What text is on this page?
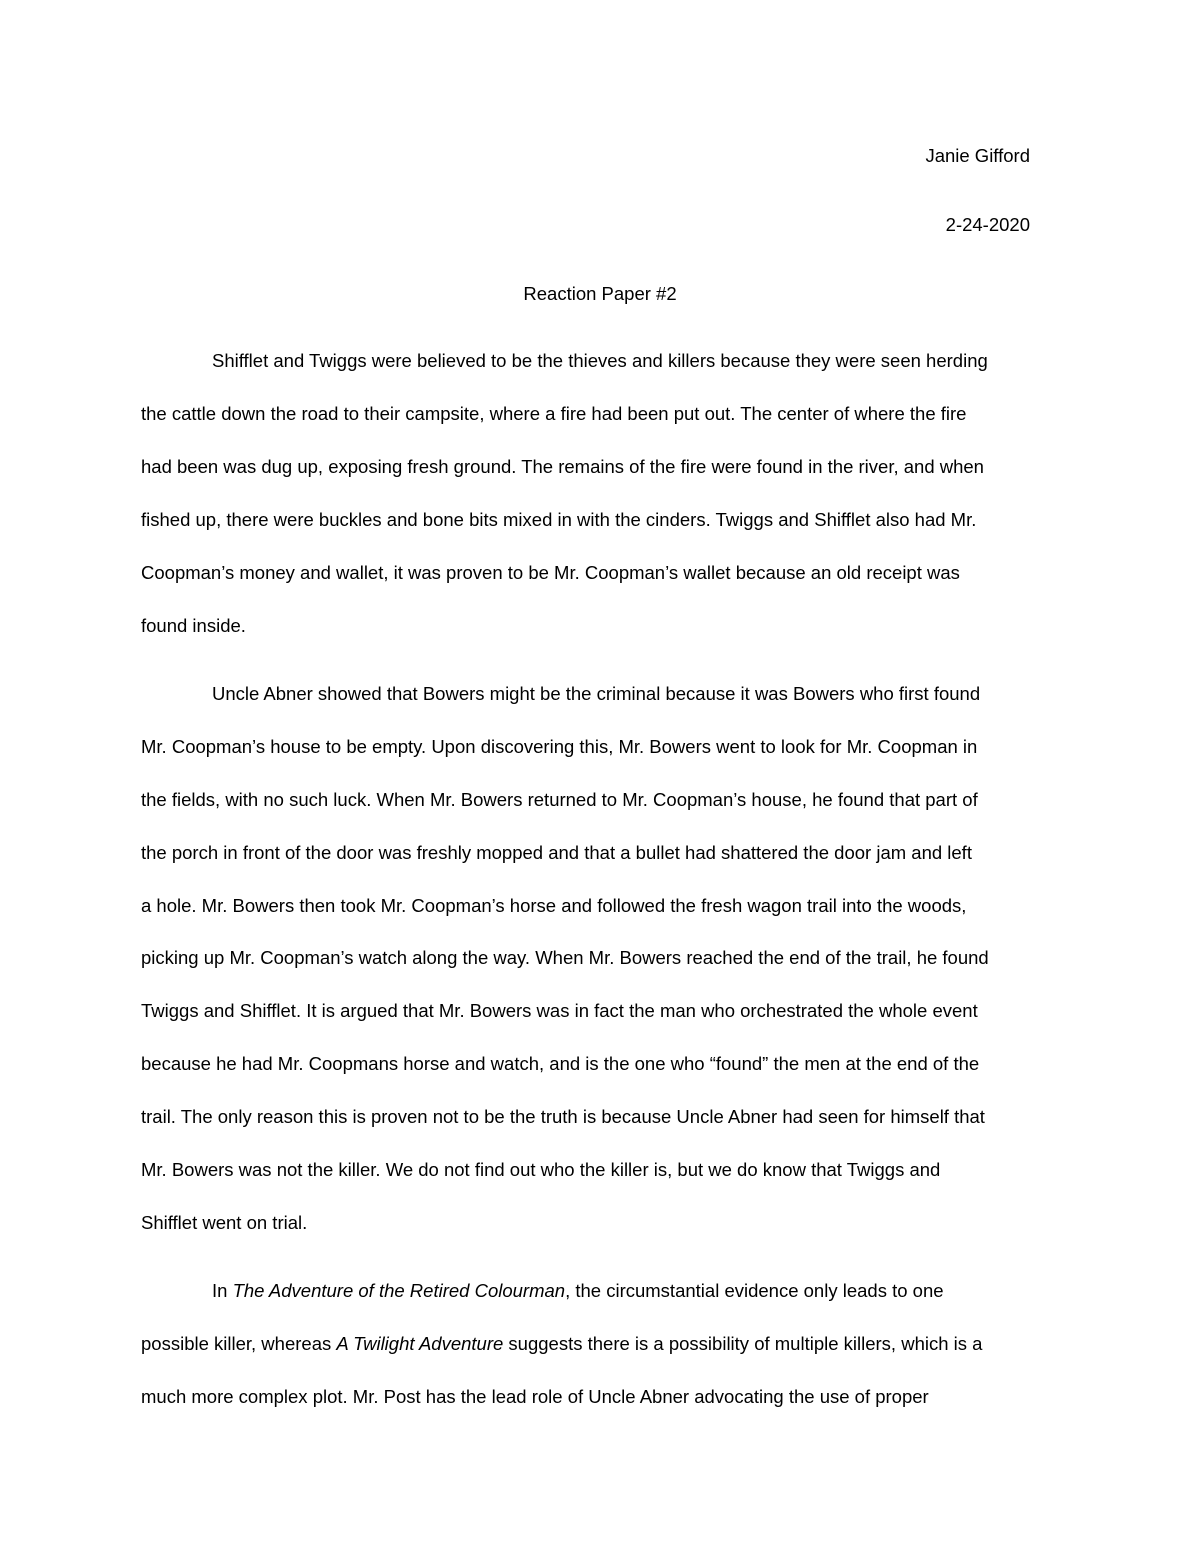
Janie Gifford
2-24-2020
Reaction Paper #2
Shifflet and Twiggs were believed to be the thieves and killers because they were seen herding
the cattle down the road to their campsite, where a fire had been put out. The center of where the fire
had been was dug up, exposing fresh ground. The remains of the fire were found in the river, and when
fished up, there were buckles and bone bits mixed in with the cinders. Twiggs and Shifflet also had Mr.
Coopman’s money and wallet, it was proven to be Mr. Coopman’s wallet because an old receipt was
found inside.
Uncle Abner showed that Bowers might be the criminal because it was Bowers who first found
Mr. Coopman’s house to be empty. Upon discovering this, Mr. Bowers went to look for Mr. Coopman in
the fields, with no such luck. When Mr. Bowers returned to Mr. Coopman’s house, he found that part of
the porch in front of the door was freshly mopped and that a bullet had shattered the door jam and left
a hole. Mr. Bowers then took Mr. Coopman’s horse and followed the fresh wagon trail into the woods,
picking up Mr. Coopman’s watch along the way. When Mr. Bowers reached the end of the trail, he found
Twiggs and Shifflet. It is argued that Mr. Bowers was in fact the man who orchestrated the whole event
because he had Mr. Coopmans horse and watch, and is the one who “found” the men at the end of the
trail. The only reason this is proven not to be the truth is because Uncle Abner had seen for himself that
Mr. Bowers was not the killer. We do not find out who the killer is, but we do know that Twiggs and
Shifflet went on trial.
In The Adventure of the Retired Colourman, the circumstantial evidence only leads to one
possible killer, whereas A Twilight Adventure suggests there is a possibility of multiple killers, which is a
much more complex plot. Mr. Post has the lead role of Uncle Abner advocating the use of proper
